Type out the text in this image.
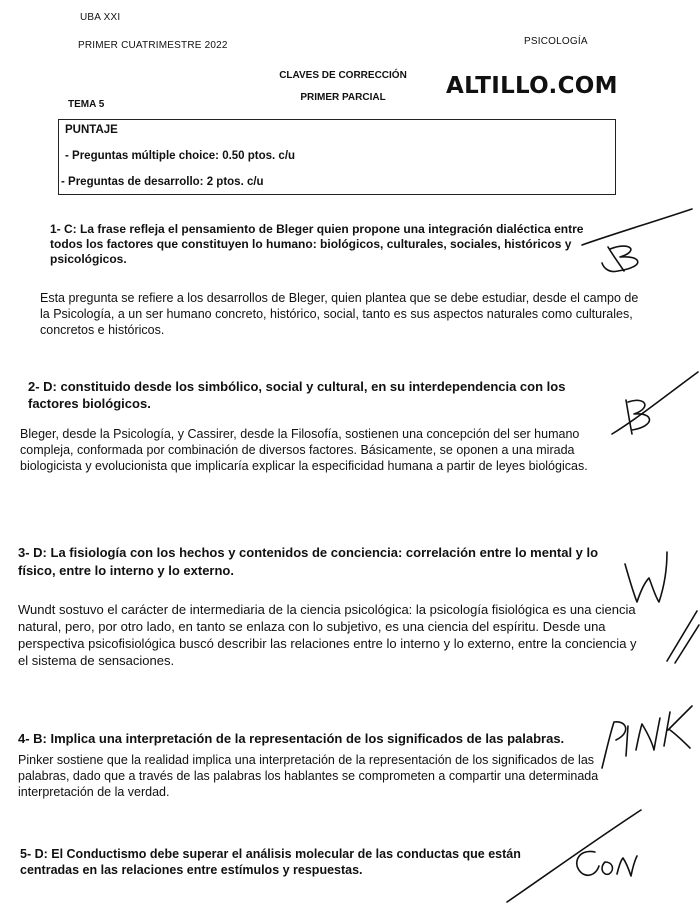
UBA XXI
PRIMER CUATRIMESTRE 2022	PSICOLOGÍA
CLAVES DE CORRECCIÓN
PRIMER PARCIAL	ALTILLO.COM
TEMA 5
PUNTAJE
- Preguntas múltiple choice: 0.50 ptos. c/u
- Preguntas de desarrollo: 2 ptos. c/u
1- C: La frase refleja el pensamiento de Bleger quien propone una integración dialéctica entre todos los factores que constituyen lo humano: biológicos, culturales, sociales, históricos y psicológicos.
Esta pregunta se refiere a los desarrollos de Bleger, quien plantea que se debe estudiar, desde el campo de la Psicología, a un ser humano concreto, histórico, social, tanto es sus aspectos naturales como culturales, concretos e históricos.
2- D: constituido desde los simbólico, social y cultural, en su interdependencia con los factores biológicos.
Bleger, desde la Psicología, y Cassirer, desde la Filosofía, sostienen una concepción del ser humano compleja, conformada por combinación de diversos factores. Básicamente, se oponen a una mirada biologicista y evolucionista que implicaría explicar la especificidad humana a partir de leyes biológicas.
3- D: La fisiología con los hechos y contenidos de conciencia: correlación entre lo mental y lo físico, entre lo interno y lo externo.
Wundt sostuvo el carácter de intermediaria de la ciencia psicológica: la psicología fisiológica es una ciencia natural, pero, por otro lado, en tanto se enlaza con lo subjetivo, es una ciencia del espíritu. Desde una perspectiva psicofisiológica buscó describir las relaciones entre lo interno y lo externo, entre la conciencia y el sistema de sensaciones.
4- B: Implica una interpretación de la representación de los significados de las palabras.
Pinker sostiene que la realidad implica una interpretación de la representación de los significados de las palabras, dado que a través de las palabras los hablantes se comprometen a compartir una determinada interpretación de la verdad.
5- D: El Conductismo debe superar el análisis molecular de las conductas que están centradas en las relaciones entre estímulos y respuestas.
